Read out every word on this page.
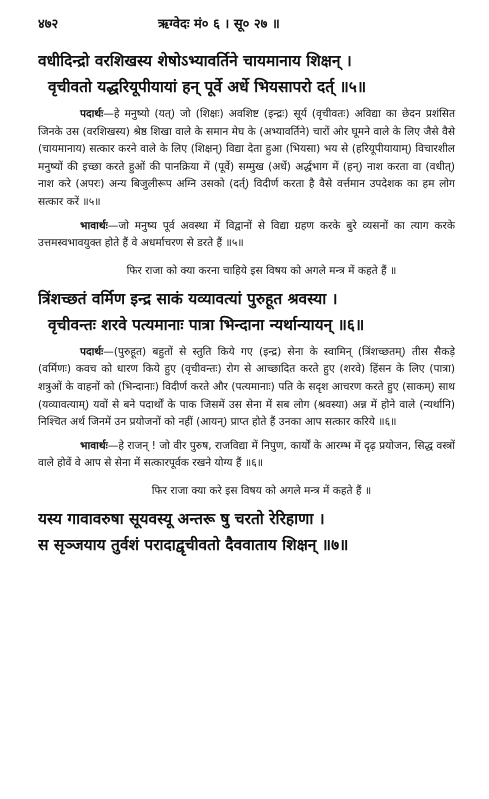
४७२	ऋग्वेदः मं० ६ । सू० २७ ॥
वधीदिन्द्रो वरशिखस्य शेषोऽभ्यावर्तिने चायमानाय शिक्षन् ।
वृचीवतो यद्धरियूपीयायां हन् पूर्वे अर्धे भियसापरो दर्त् ॥५॥
पदार्थः—हे मनुष्यो (यत्) जो (शिक्षः) अवशिष्ट (इन्द्रः) सूर्य (वृचीवतः) अविद्या का छेदन प्रशंसित जिनके उस (वरशिखस्य) श्रेष्ठ शिखा वाले के समान मेघ के (अभ्यावर्तिने) चारों ओर घूमने वाले के लिए जैसे वैसे (चायमानाय) सत्कार करने वाले के लिए (शिक्षन्) विद्या देता हुआ (भियसा) भय से (हरियूपीयायाम्) विचारशील मनुष्यों की इच्छा करते हुओं की पानक्रिया में (पूर्वे) सम्मुख (अर्धे) अर्द्धभाग में (हन्) नाश करता वा (वधीत्) नाश करे (अपरः) अन्य बिजुलीरूप अग्नि उसको (दर्त्) विदीर्ण करता है वैसे वर्त्तमान उपदेशक का हम लोग सत्कार करें ॥५॥
भावार्थः—जो मनुष्य पूर्व अवस्था में विद्वानों से विद्या ग्रहण करके बुरे व्यसनों का त्याग करके उत्तमस्वभावयुक्त होते हैं वे अधर्माचरण से डरते हैं ॥५॥
फिर राजा को क्या करना चाहिये इस विषय को अगले मन्त्र में कहते हैं ॥
त्रिंशच्छतं वर्मिण इन्द्र साकं यव्यावत्यां पुरुहूत श्रवस्या ।
वृचीवन्तः शरवे पत्यमानाः पात्रा भिन्दाना न्यर्थान्यायन् ॥६॥
पदार्थः—(पुरुहूत) बहुतों से स्तुति किये गए (इन्द्र) सेना के स्वामिन् (त्रिंशच्छतम्) तीस सैकड़े (वर्मिणः) कवच को धारण किये हुए (वृचीवन्तः) रोग से आच्छादित करते हुए (शरवे) हिंसन के लिए (पात्रा) शत्रुओं के वाहनों को (भिन्दानाः) विदीर्ण करते और (पत्यमानाः) पति के सदृश आचरण करते हुए (साकम्) साथ (यव्यावत्याम्) यवों से बने पदार्थों के पाक जिसमें उस सेना में सब लोग (श्रवस्या) अन्न में होने वाले (न्यर्थानि) निश्चित अर्थ जिनमें उन प्रयोजनों को नहीं (आयन्) प्राप्त होते हैं उनका आप सत्कार करिये ॥६॥
भावार्थः—हे राजन् ! जो वीर पुरुष, राजविद्या में निपुण, कार्यों के आरम्भ में दृढ़ प्रयोजन, सिद्ध वस्त्रों वाले होवें वे आप से सेना में सत्कारपूर्वक रखने योग्य हैं ॥६॥
फिर राजा क्या करे इस विषय को अगले मन्त्र में कहते हैं ॥
यस्य गावावरुषा सूयवस्यू अन्तरू षु चरतो रेरिहाणा ।
स सृञ्जयाय तुर्वशं परादाद्वृचीवतो दैववाताय शिक्षन् ॥७॥
